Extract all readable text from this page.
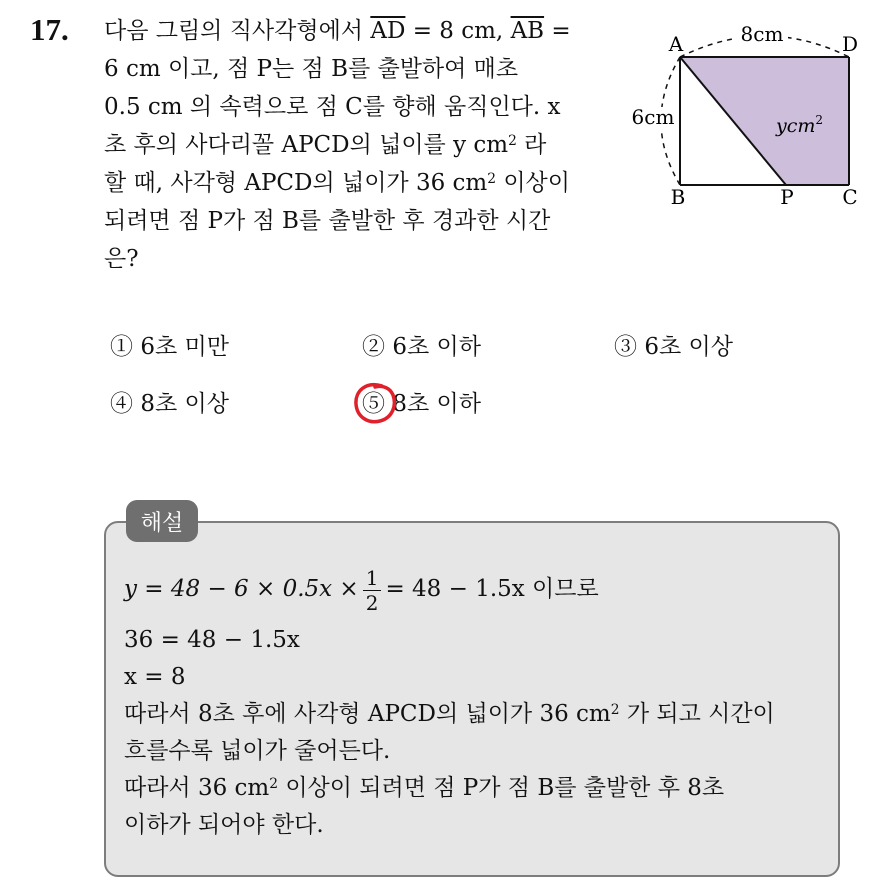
17. 다음 그림의 직사각형에서 $\overline{AD} = 8$ cm, $\overline{AB}$ =
6 cm 이고, 점 P는 점 B를 출발하여 매초
0.5 cm 의 속력으로 점 C를 향해 움직인다. x
초 후의 사다리꼴 APCD의 넓이를 y $cm^2$ 라
할 때, 사각형 APCD의 넓이가 36 $cm^2$ 이상이
되려면 점 P가 점 B를 출발한 후 경과한 시간
은?
8cm
6cm
A	D
B	P C
ycm$^2$
① 6초 미만	② 6초 이하	③ 6초 이상
④ 8초 이상	⑤ 8초 이하
해설
$y = 48 - 6 \times 0.5x \times \frac{1}{2} = 48 - 1.5x$ 이므로
36 = 48 − 1.5x
x = 8
따라서 8초 후에 사각형 APCD의 넓이가 36 $cm^2$ 가 되고 시간이
흐를수록 넓이가 줄어든다.
따라서 36 $cm^2$ 이상이 되려면 점 P가 점 B를 출발한 후 8초
이하가 되어야 한다.
